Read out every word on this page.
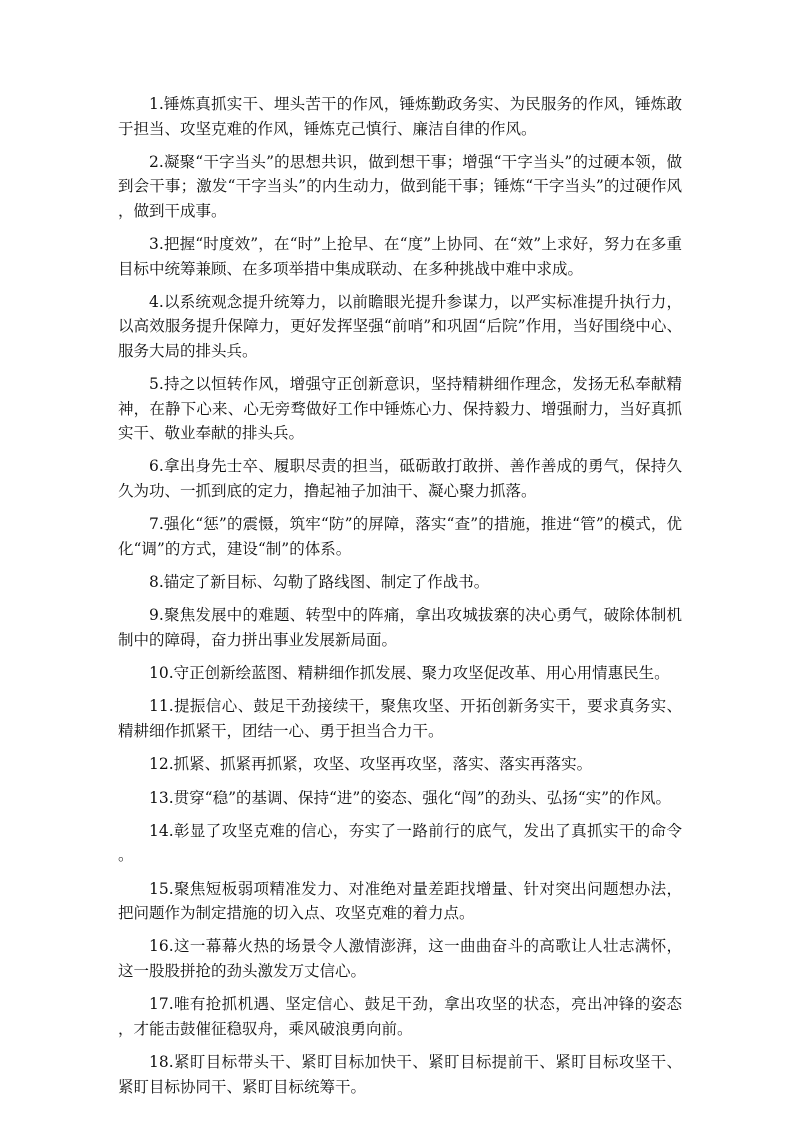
1.锤炼真抓实干、埋头苦干的作风，锤炼勤政务实、为民服务的作风，锤炼敢于担当、攻坚克难的作风，锤炼克己慎行、廉洁自律的作风。

2.凝聚“干字当头”的思想共识，做到想干事；增强“干字当头”的过硬本领，做到会干事；激发“干字当头”的内生动力，做到能干事；锤炼“干字当头”的过硬作风，做到干成事。

3.把握“时度效”，在“时”上抢早、在“度”上协同、在“效”上求好，努力在多重目标中统筹兼顾、在多项举措中集成联动、在多种挑战中难中求成。

4.以系统观念提升统筹力，以前瞻眼光提升参谋力，以严实标准提升执行力，以高效服务提升保障力，更好发挥坚强“前哨”和巩固“后院”作用，当好围绕中心、服务大局的排头兵。

5.持之以恒转作风，增强守正创新意识，坚持精耕细作理念，发扬无私奉献精神，在静下心来、心无旁骛做好工作中锤炼心力、保持毅力、增强耐力，当好真抓实干、敬业奉献的排头兵。

6.拿出身先士卒、履职尽责的担当，砥砺敢打敢拼、善作善成的勇气，保持久久为功、一抓到底的定力，撸起袖子加油干、凝心聚力抓落。

7.强化“惩”的震慑，筑牢“防”的屏障，落实“查”的措施，推进“管”的模式，优化“调”的方式，建设“制”的体系。

8.锚定了新目标、勾勒了路线图、制定了作战书。

9.聚焦发展中的难题、转型中的阵痛，拿出攻城拔寨的决心勇气，破除体制机制中的障碍，奋力拼出事业发展新局面。

10.守正创新绘蓝图、精耕细作抓发展、聚力攻坚促改革、用心用情惠民生。

11.提振信心、鼓足干劲接续干，聚焦攻坚、开拓创新务实干，要求真务实、精耕细作抓紧干，团结一心、勇于担当合力干。

12.抓紧、抓紧再抓紧，攻坚、攻坚再攻坚，落实、落实再落实。

13.贯穿“稳”的基调、保持“进”的姿态、强化“闯”的劲头、弘扬“实”的作风。

14.彰显了攻坚克难的信心，夯实了一路前行的底气，发出了真抓实干的命令。

15.聚焦短板弱项精准发力、对准绝对量差距找增量、针对突出问题想办法，把问题作为制定措施的切入点、攻坚克难的着力点。

16.这一幕幕火热的场景令人激情澎湃，这一曲曲奋斗的高歌让人壮志满怀，这一股股拼抢的劲头激发万丈信心。

17.唯有抢抓机遇、坚定信心、鼓足干劲，拿出攻坚的状态，亮出冲锋的姿态，才能击鼓催征稳驭舟，乘风破浪勇向前。

18.紧盯目标带头干、紧盯目标加快干、紧盯目标提前干、紧盯目标攻坚干、紧盯目标协同干、紧盯目标统筹干。
